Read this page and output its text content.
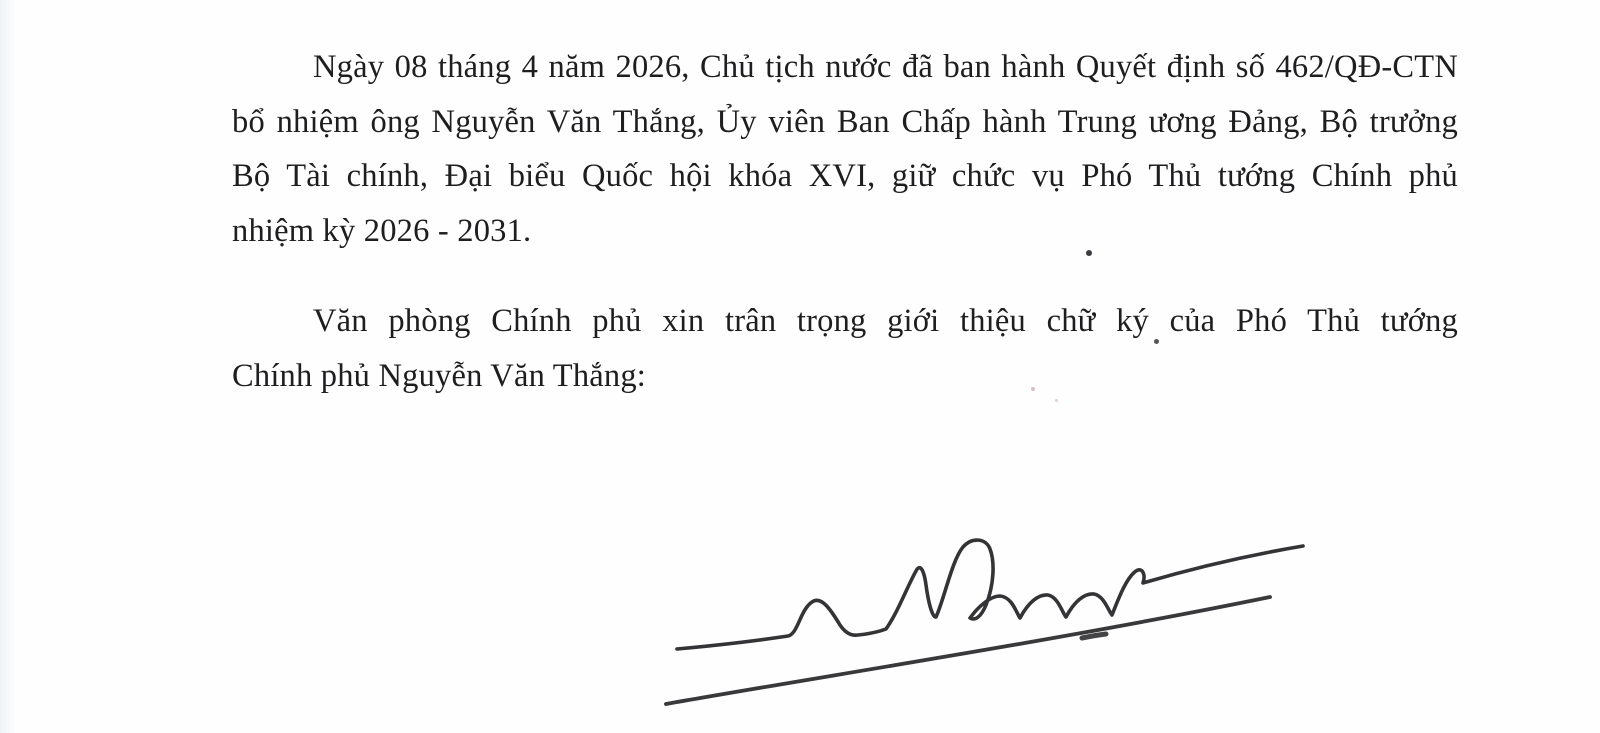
Ngày 08 tháng 4 năm 2026, Chủ tịch nước đã ban hành Quyết định số 462/QĐ-CTN
bổ nhiệm ông Nguyễn Văn Thắng, Ủy viên Ban Chấp hành Trung ương Đảng, Bộ trưởng
Bộ Tài chính, Đại biểu Quốc hội khóa XVI, giữ chức vụ Phó Thủ tướng Chính phủ
nhiệm kỳ 2026 - 2031.

Văn phòng Chính phủ xin trân trọng giới thiệu chữ ký của Phó Thủ tướng
Chính phủ Nguyễn Văn Thắng:
